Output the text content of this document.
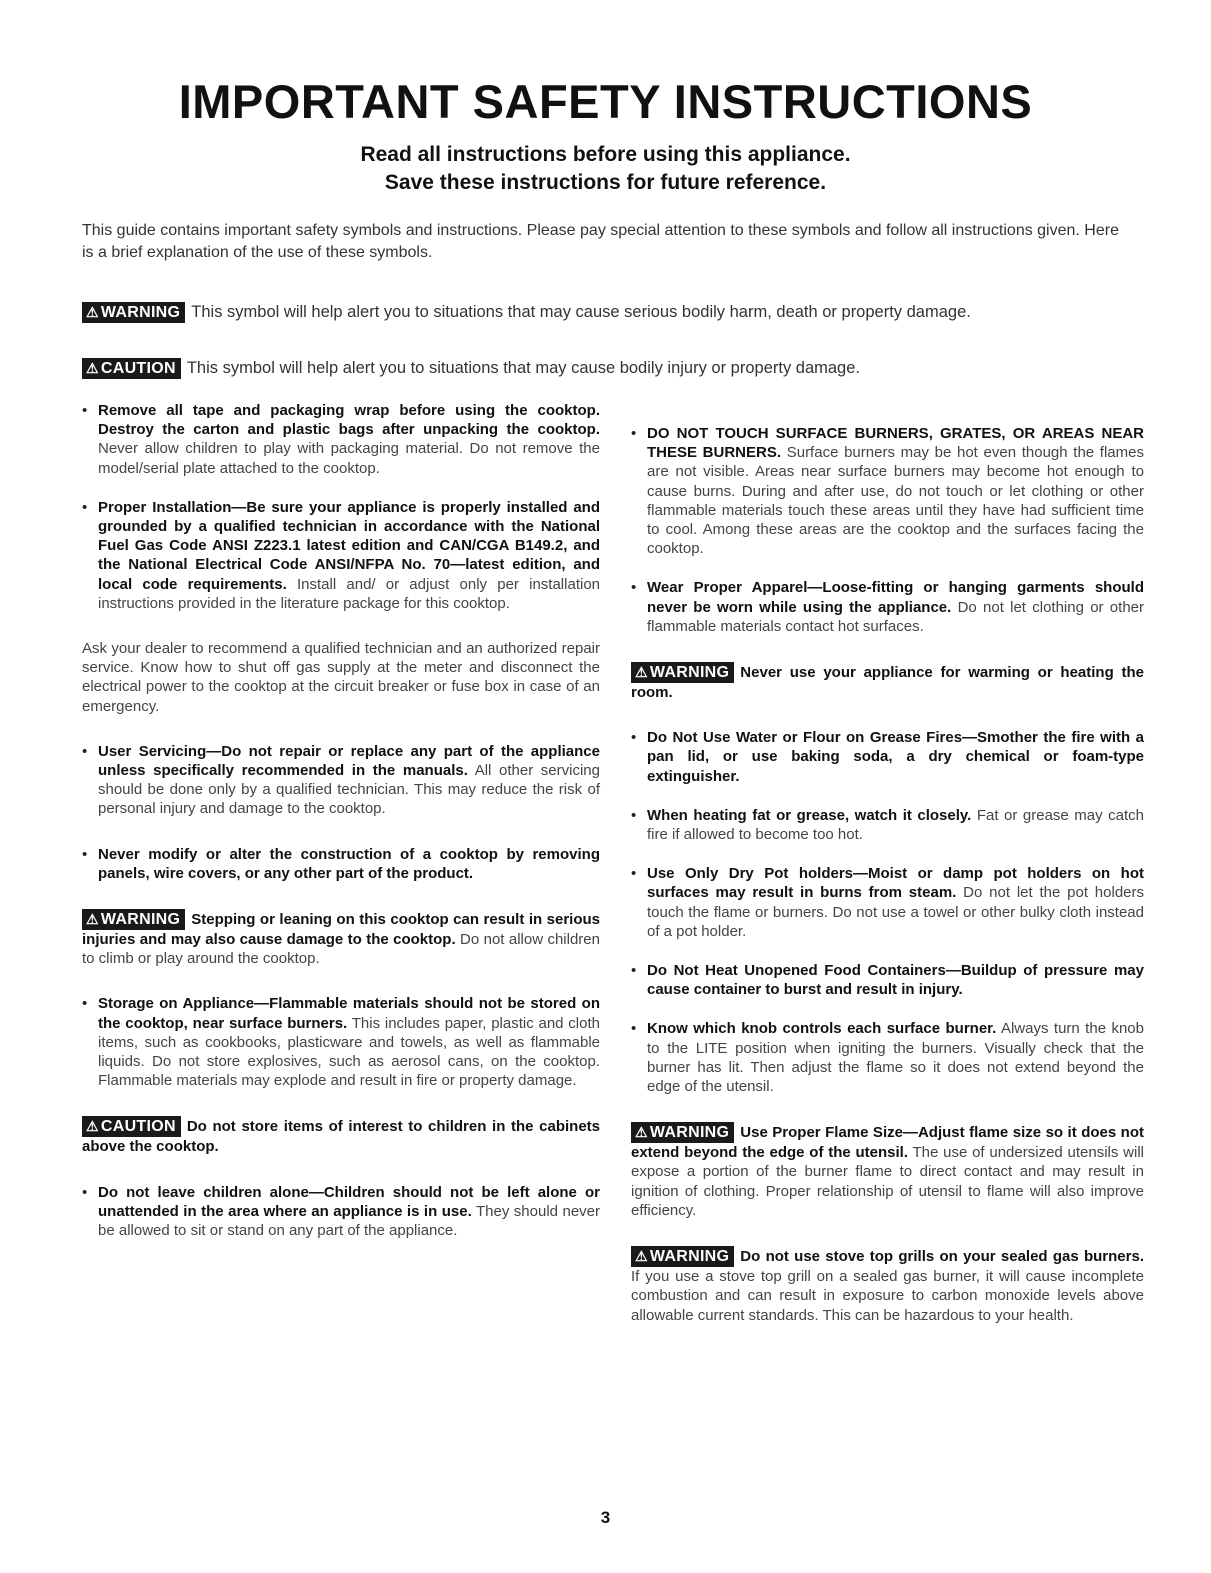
IMPORTANT SAFETY INSTRUCTIONS
Read all instructions before using this appliance.
Save these instructions for future reference.

This guide contains important safety symbols and instructions. Please pay special attention to these symbols and follow all instructions given. Here is a brief explanation of the use of these symbols.

⚠ WARNING This symbol will help alert you to situations that may cause serious bodily harm, death or property damage.

⚠ CAUTION This symbol will help alert you to situations that may cause bodily injury or property damage.

• Remove all tape and packaging wrap before using the cooktop. Destroy the carton and plastic bags after unpacking the cooktop. Never allow children to play with packaging material. Do not remove the model/serial plate attached to the cooktop.

• Proper Installation—Be sure your appliance is properly installed and grounded by a qualified technician in accordance with the National Fuel Gas Code ANSI Z223.1 latest edition and CAN/CGA B149.2, and the National Electrical Code ANSI/NFPA No. 70—latest edition, and local code requirements. Install and/ or adjust only per installation instructions provided in the literature package for this cooktop.

Ask your dealer to recommend a qualified technician and an authorized repair service. Know how to shut off gas supply at the meter and disconnect the electrical power to the cooktop at the circuit breaker or fuse box in case of an emergency.

• User Servicing—Do not repair or replace any part of the appliance unless specifically recommended in the manuals. All other servicing should be done only by a qualified technician. This may reduce the risk of personal injury and damage to the cooktop.

• Never modify or alter the construction of a cooktop by removing panels, wire covers, or any other part of the product.

⚠ WARNING Stepping or leaning on this cooktop can result in serious injuries and may also cause damage to the cooktop. Do not allow children to climb or play around the cooktop.

• Storage on Appliance—Flammable materials should not be stored on the cooktop, near surface burners. This includes paper, plastic and cloth items, such as cookbooks, plasticware and towels, as well as flammable liquids. Do not store explosives, such as aerosol cans, on the cooktop. Flammable materials may explode and result in fire or property damage.

⚠ CAUTION Do not store items of interest to children in the cabinets above the cooktop.

• Do not leave children alone—Children should not be left alone or unattended in the area where an appliance is in use. They should never be allowed to sit or stand on any part of the appliance.

• DO NOT TOUCH SURFACE BURNERS, GRATES, OR AREAS NEAR THESE BURNERS. Surface burners may be hot even though the flames are not visible. Areas near surface burners may become hot enough to cause burns. During and after use, do not touch or let clothing or other flammable materials touch these areas until they have had sufficient time to cool. Among these areas are the cooktop and the surfaces facing the cooktop.

• Wear Proper Apparel—Loose-fitting or hanging garments should never be worn while using the appliance. Do not let clothing or other flammable materials contact hot surfaces.

⚠ WARNING Never use your appliance for warming or heating the room.

• Do Not Use Water or Flour on Grease Fires—Smother the fire with a pan lid, or use baking soda, a dry chemical or foam-type extinguisher.

• When heating fat or grease, watch it closely. Fat or grease may catch fire if allowed to become too hot.

• Use Only Dry Pot holders—Moist or damp pot holders on hot surfaces may result in burns from steam. Do not let the pot holders touch the flame or burners. Do not use a towel or other bulky cloth instead of a pot holder.

• Do Not Heat Unopened Food Containers—Buildup of pressure may cause container to burst and result in injury.

• Know which knob controls each surface burner. Always turn the knob to the LITE position when igniting the burners. Visually check that the burner has lit. Then adjust the flame so it does not extend beyond the edge of the utensil.

⚠ WARNING Use Proper Flame Size—Adjust flame size so it does not extend beyond the edge of the utensil. The use of undersized utensils will expose a portion of the burner flame to direct contact and may result in ignition of clothing. Proper relationship of utensil to flame will also improve efficiency.

⚠ WARNING Do not use stove top grills on your sealed gas burners. If you use a stove top grill on a sealed gas burner, it will cause incomplete combustion and can result in exposure to carbon monoxide levels above allowable current standards. This can be hazardous to your health.

3
